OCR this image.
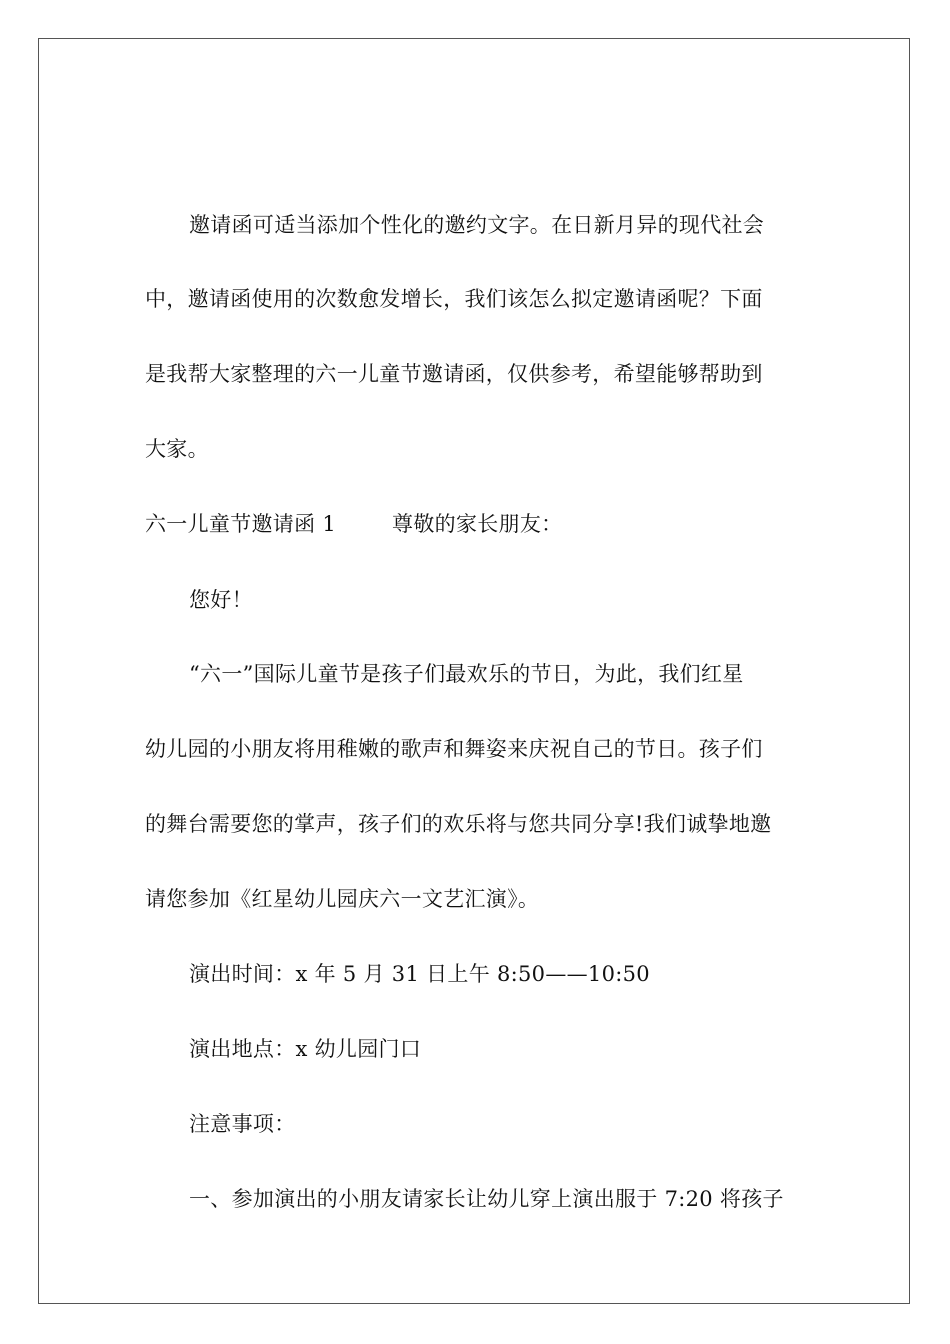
邀请函可适当添加个性化的邀约文字。在日新月异的现代社会
中，邀请函使用的次数愈发增长，我们该怎么拟定邀请函呢？下面
是我帮大家整理的六一儿童节邀请函，仅供参考，希望能够帮助到
大家。
六一儿童节邀请函 1	尊敬的家长朋友：
您好！
“六一”国际儿童节是孩子们最欢乐的节日，为此，我们红星
幼儿园的小朋友将用稚嫩的歌声和舞姿来庆祝自己的节日。孩子们
的舞台需要您的掌声，孩子们的欢乐将与您共同分享!我们诚挚地邀
请您参加《红星幼儿园庆六一文艺汇演》。
演出时间：x 年 5 月 31 日上午 8:50——10:50
演出地点：x 幼儿园门口
注意事项：
一、参加演出的小朋友请家长让幼儿穿上演出服于 7:20 将孩子
